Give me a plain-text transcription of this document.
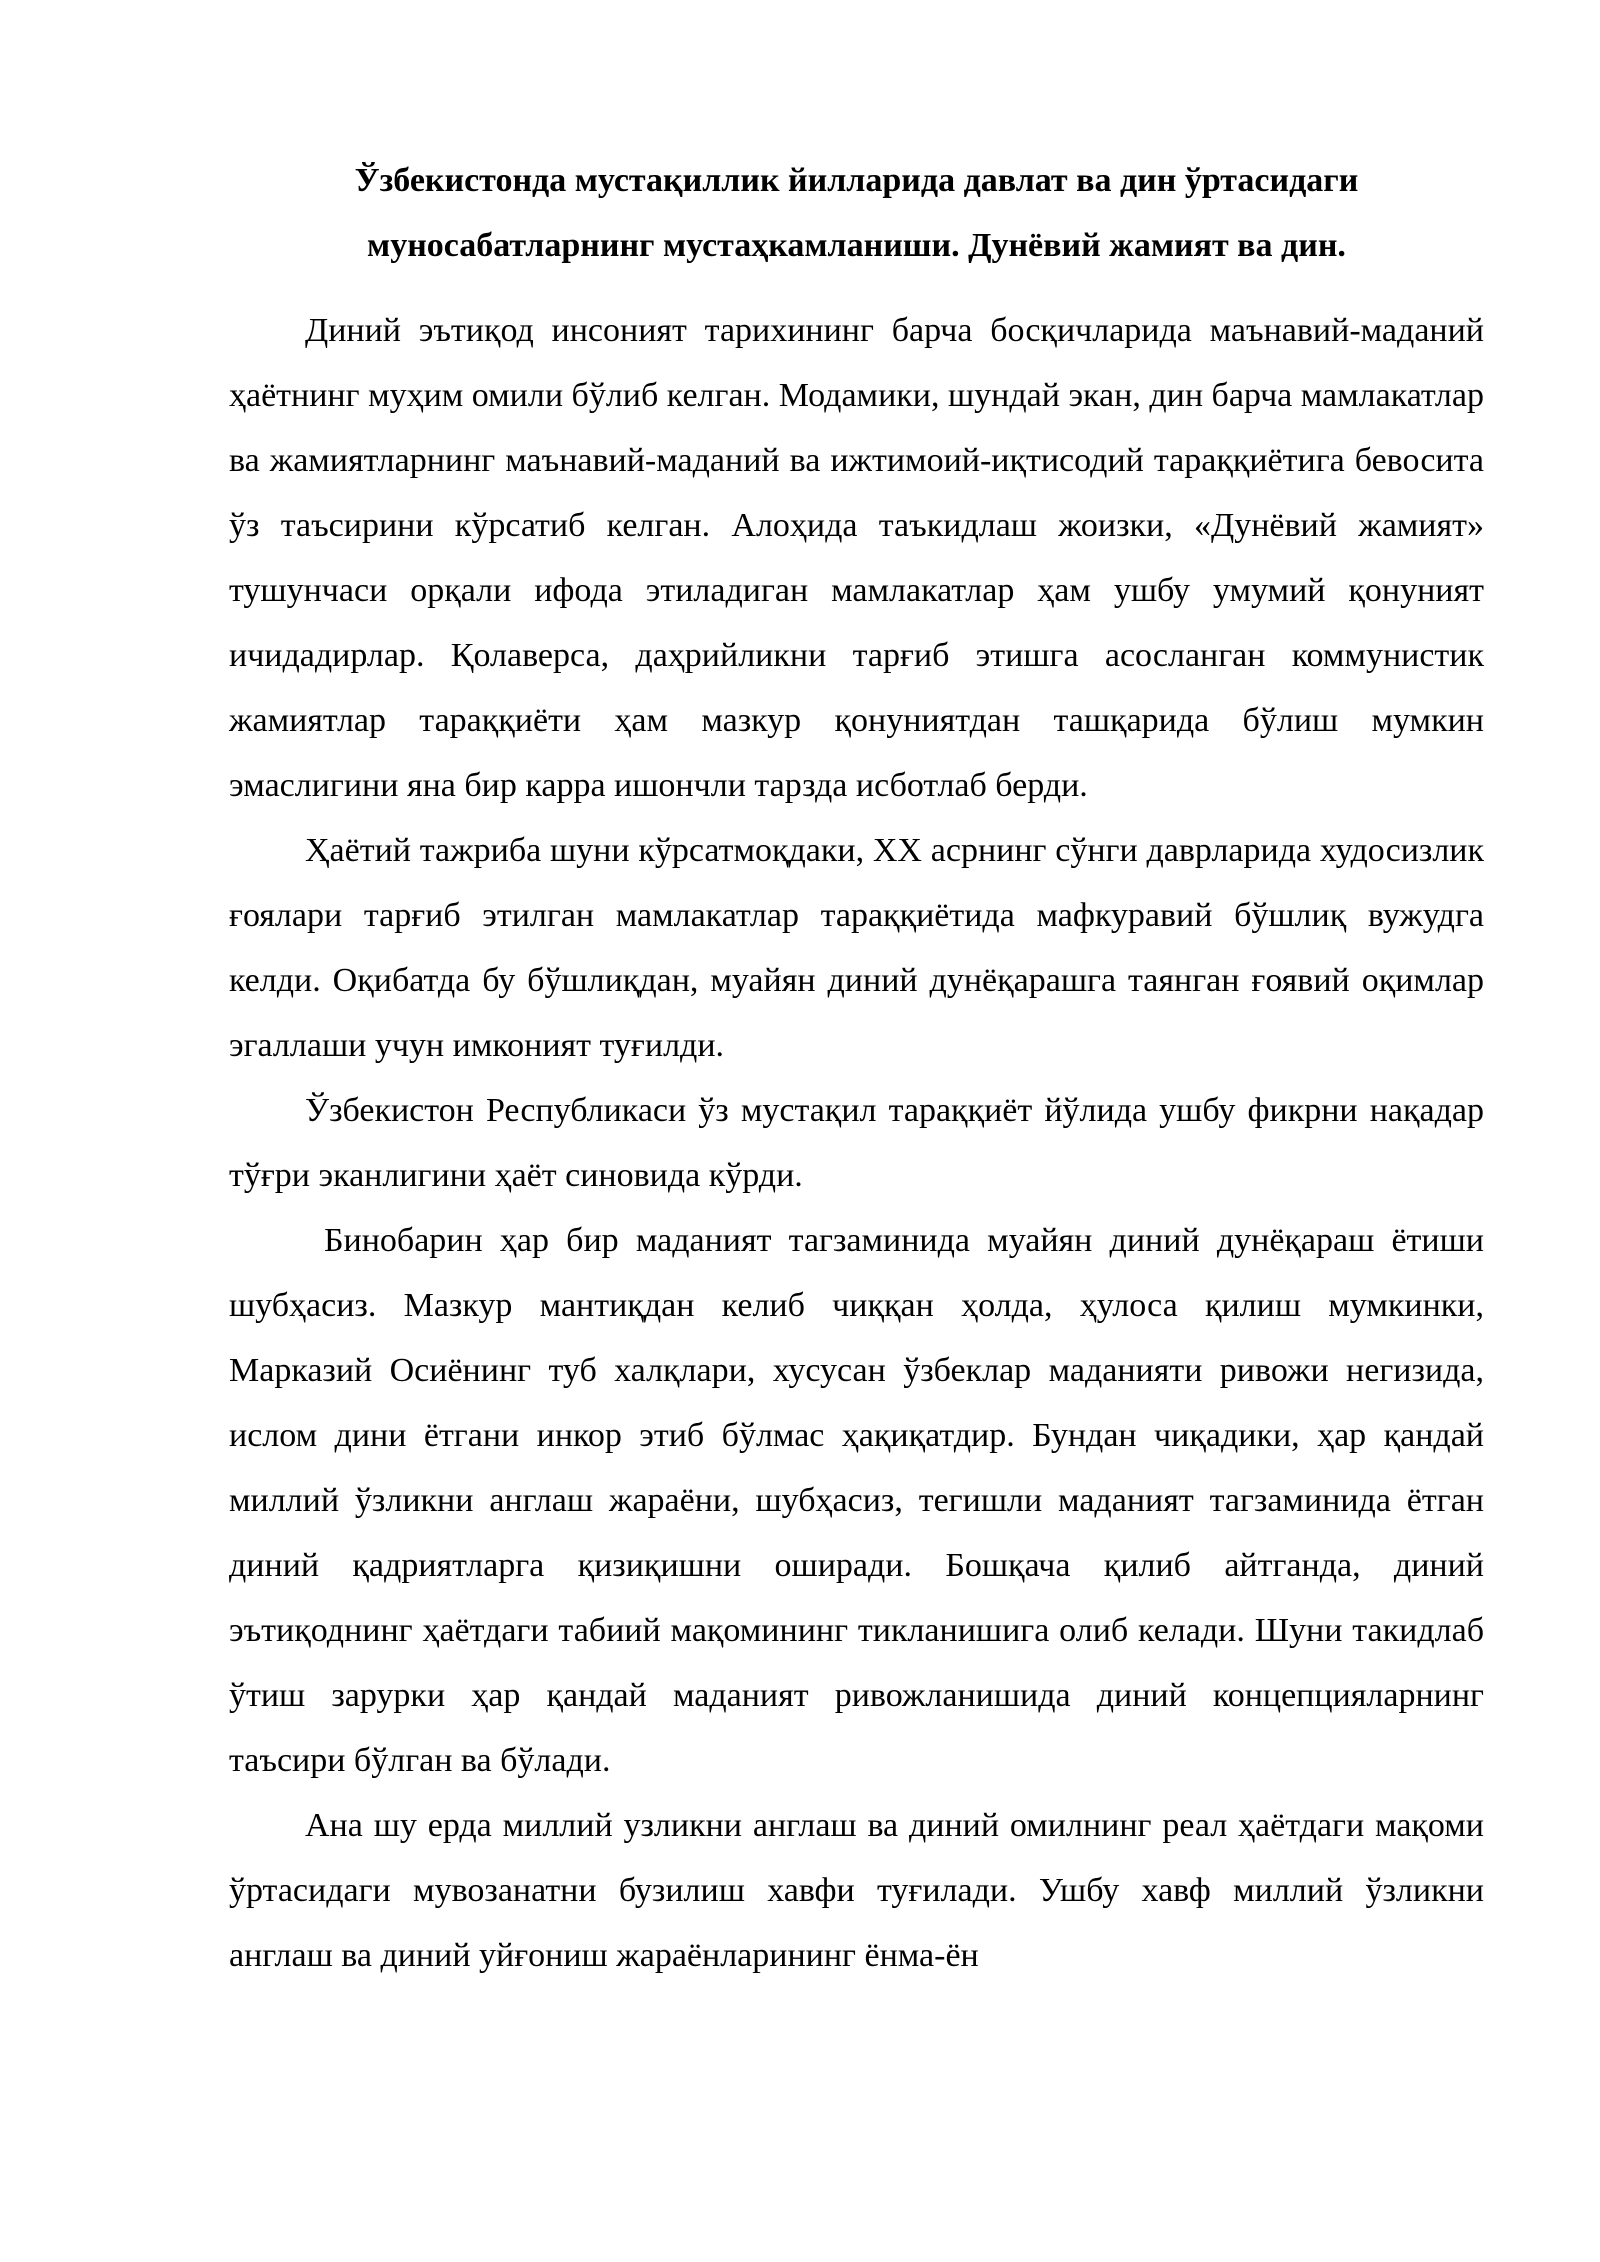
Ўзбекистонда мустақиллик йилларида давлат ва дин ўртасидаги
муносабатларнинг мустаҳкамланиши. Дунёвий жамият ва дин.

Диний эътиқод инсоният тарихининг барча босқичларида маънавий-маданий ҳаётнинг муҳим омили бўлиб келган. Модамики, шундай экан, дин барча мамлакатлар ва жамиятларнинг маънавий-маданий ва ижтимоий-иқтисодий тараққиётига бевосита ўз таъсирини кўрсатиб келган. Алоҳида таъкидлаш жоизки, «Дунёвий жамият» тушунчаси орқали ифода этиладиган мамлакатлар ҳам ушбу умумий қонуният ичидадирлар. Қолаверса, даҳрийликни тарғиб этишга асосланган коммунистик жамиятлар тараққиёти ҳам мазкур қонуниятдан ташқарида бўлиш мумкин эмаслигини яна бир карра ишончли тарзда исботлаб берди.

Ҳаётий тажриба шуни кўрсатмоқдаки, XX асрнинг сўнги даврларида худосизлик ғоялари тарғиб этилган мамлакатлар тараққиётида мафкуравий бўшлиқ вужудга келди. Оқибатда бу бўшлиқдан, муайян диний дунёқарашга таянган ғоявий оқимлар эгаллаши учун имконият туғилди.

Ўзбекистон Республикаси ўз мустақил тараққиёт йўлида ушбу фикрни нақадар тўғри эканлигини ҳаёт синовида кўрди.

Бинобарин ҳар бир маданият тагзаминида муайян диний дунёқараш ётиши шубҳасиз. Мазкур мантиқдан келиб чиққан ҳолда, ҳулоса қилиш мумкинки, Марказий Осиёнинг туб халқлари, хусусан ўзбеклар маданияти ривожи негизида, ислом дини ётгани инкор этиб бўлмас ҳақиқатдир. Бундан чиқадики, ҳар қандай миллий ўзликни англаш жараёни, шубҳасиз, тегишли маданият тагзаминида ётган диний қадриятларга қизиқишни оширади. Бошқача қилиб айтганда, диний эътиқоднинг ҳаётдаги табиий мақомининг тикланишига олиб келади. Шуни такидлаб ўтиш зарурки ҳар қандай маданият ривожланишида диний концепцияларнинг таъсири бўлган ва бўлади.

Ана шу ерда миллий узликни англаш ва диний омилнинг реал ҳаётдаги мақоми ўртасидаги мувозанатни бузилиш хавфи туғилади. Ушбу хавф миллий ўзликни англаш ва диний уйғониш жараёнларининг ёнма-ён
